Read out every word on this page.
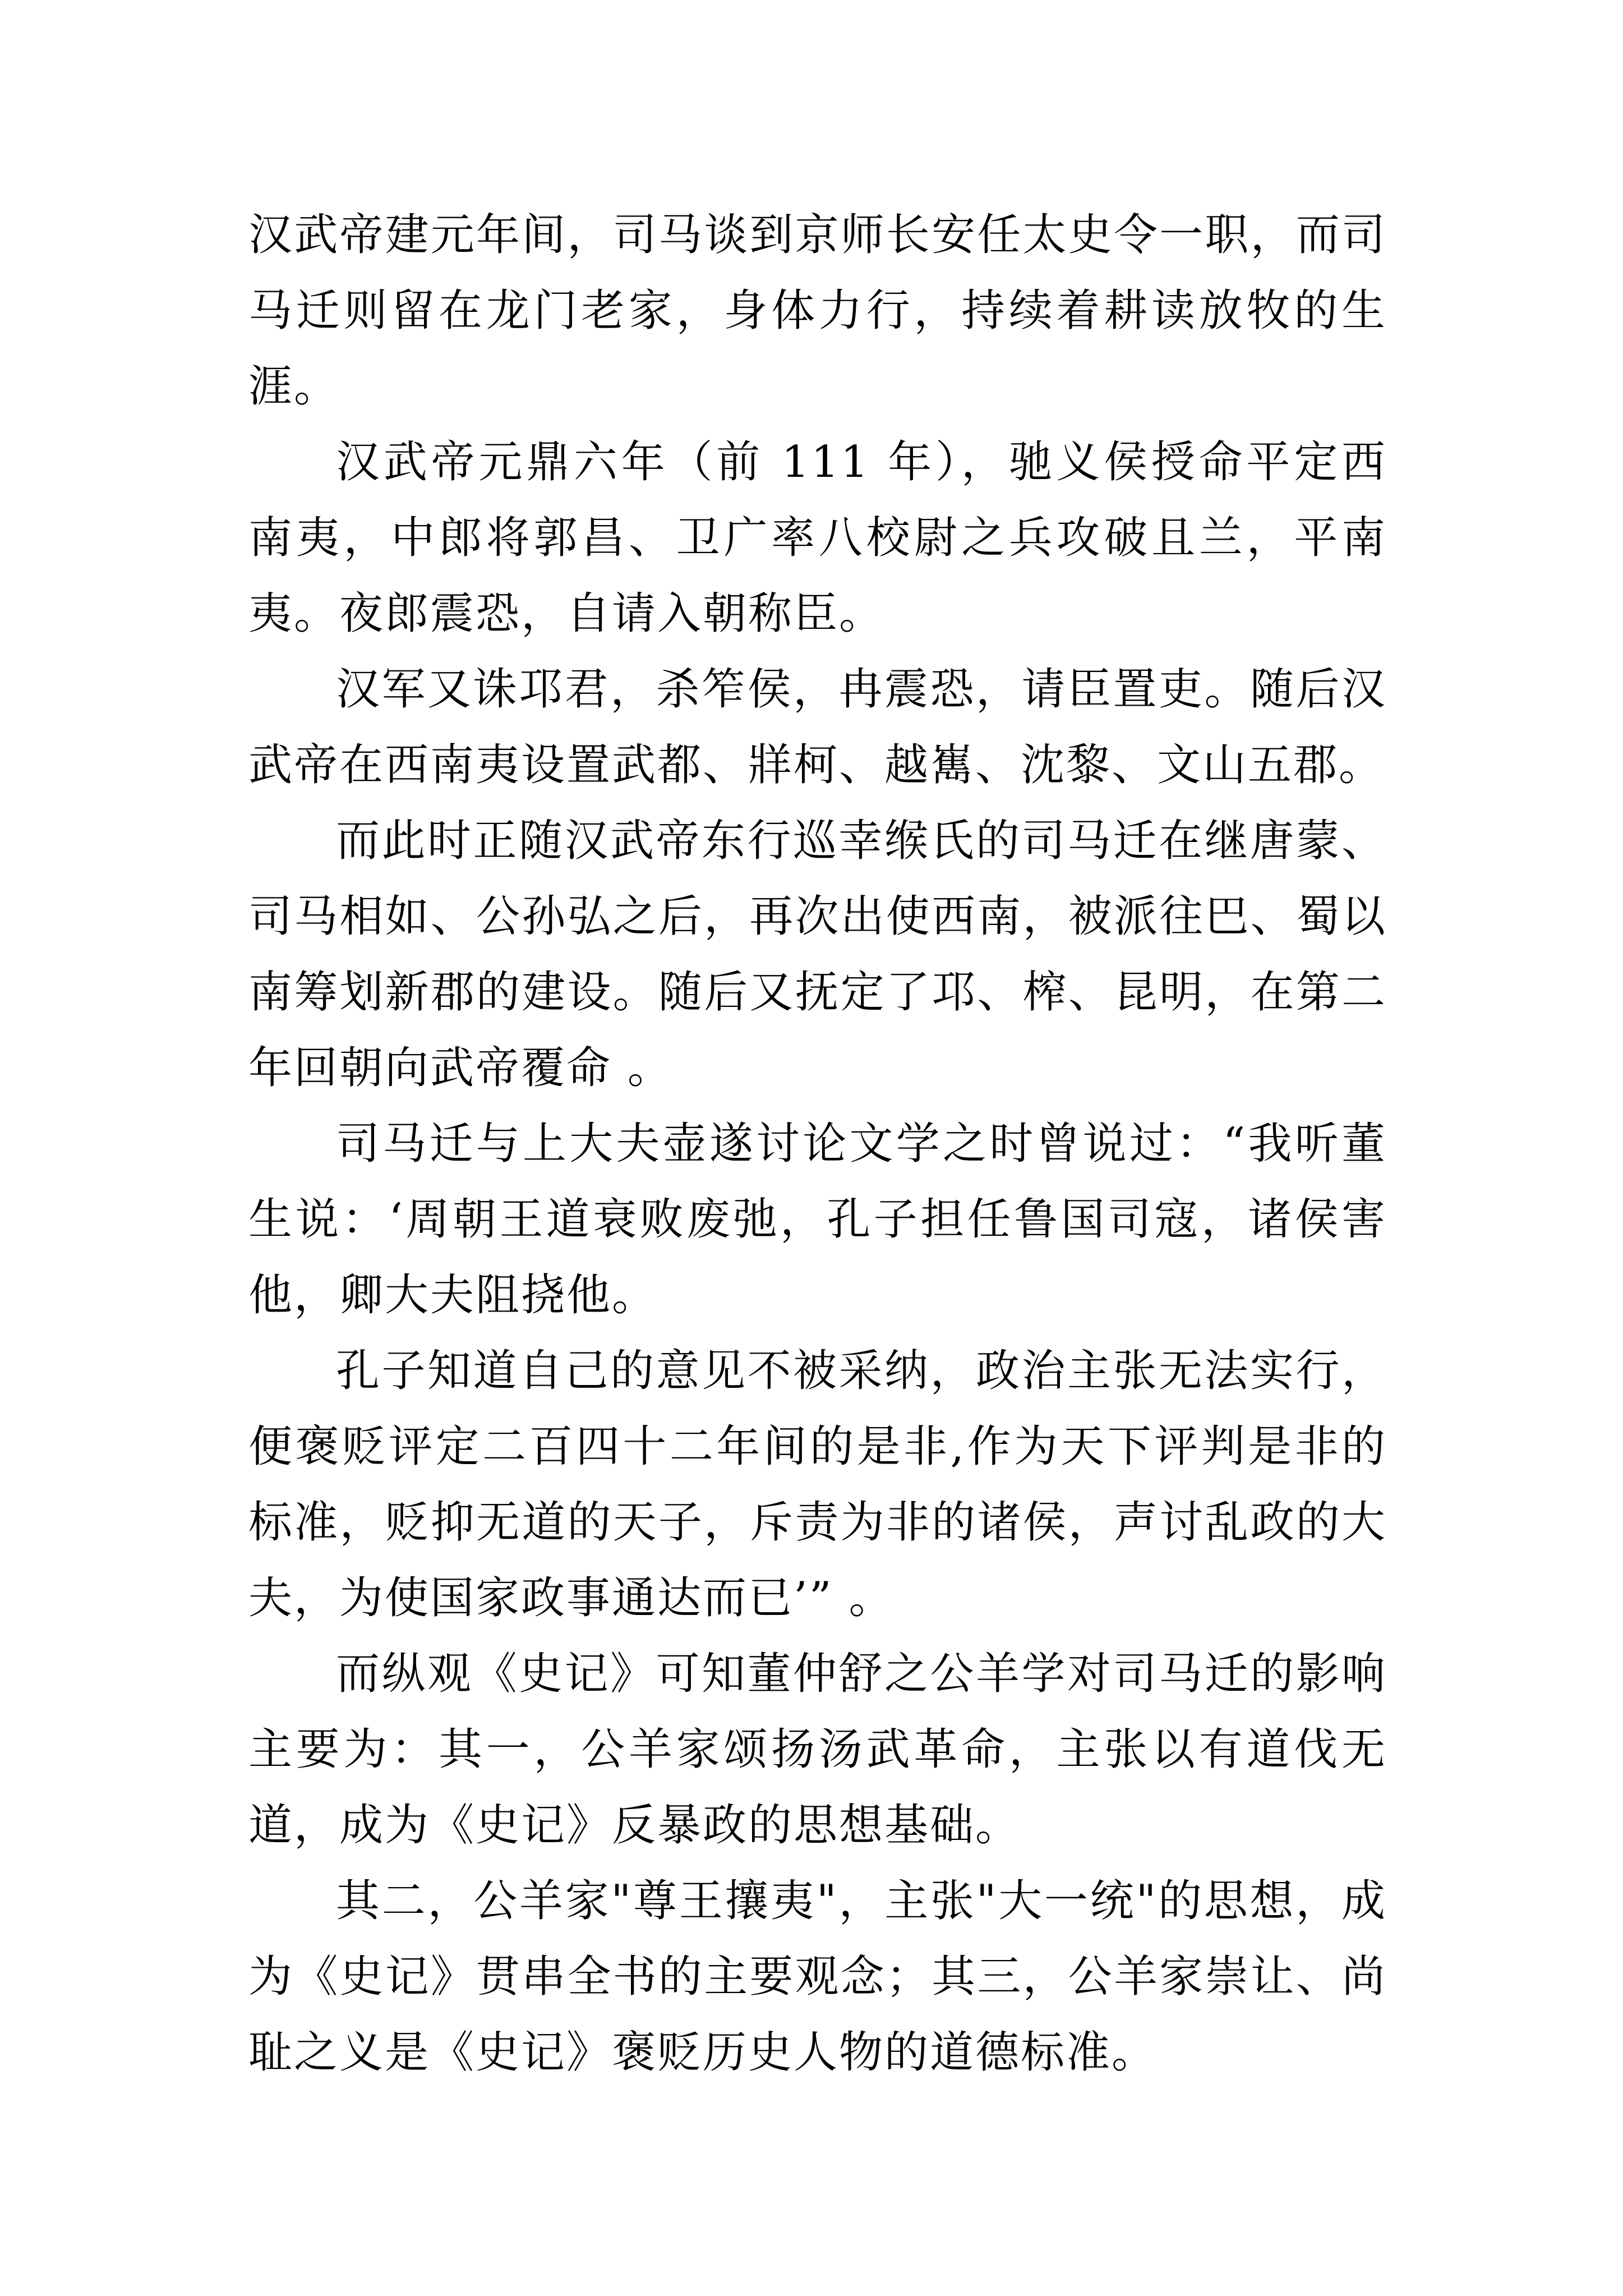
汉武帝建元年间，司马谈到京师长安任太史令一职，而司马迁则留在龙门老家，身体力行，持续着耕读放牧的生涯。

汉武帝元鼎六年（前 111 年），驰义侯授命平定西南夷，中郎将郭昌、卫广率八校尉之兵攻破且兰，平南夷。夜郎震恐，自请入朝称臣。

汉军又诛邛君，杀笮侯，冉震恐，请臣置吏。随后汉武帝在西南夷设置武都、牂柯、越嶲、沈黎、文山五郡。

而此时正随汉武帝东行巡幸缑氏的司马迁在继唐蒙、司马相如、公孙弘之后，再次出使西南，被派往巴、蜀以南筹划新郡的建设。随后又抚定了邛、榨、昆明，在第二年回朝向武帝覆命 。

司马迁与上大夫壶遂讨论文学之时曾说过：“我听董生说：‘周朝王道衰败废弛，孔子担任鲁国司寇，诸侯害他，卿大夫阻挠他。

孔子知道自己的意见不被采纳，政治主张无法实行，便褒贬评定二百四十二年间的是非,作为天下评判是非的标准，贬抑无道的天子，斥责为非的诸侯，声讨乱政的大夫，为使国家政事通达而已’” 。

而纵观《史记》可知董仲舒之公羊学对司马迁的影响主要为：其一，公羊家颂扬汤武革命，主张以有道伐无道，成为《史记》反暴政的思想基础。

其二，公羊家"尊王攘夷"，主张"大一统"的思想，成为《史记》贯串全书的主要观念；其三，公羊家崇让、尚耻之义是《史记》褒贬历史人物的道德标准。
